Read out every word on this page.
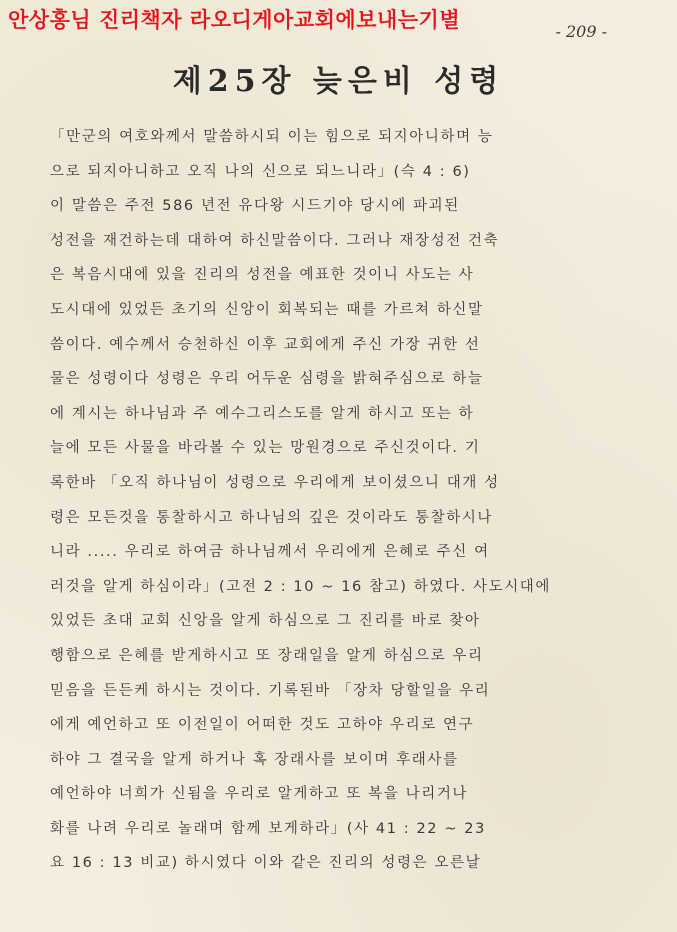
안상홍님 진리책자 라오디게아교회에보내는기별	- 209 -
제25장 늦은비 성령
「만군의 여호와께서 말씀하시되 이는 힘으로 되지아니하며 능
으로 되지아니하고 오직 나의 신으로 되느니라」(슥 4 : 6)
이 말씀은 주전 586 년전 유다왕 시드기야 당시에 파괴된
성전을 재건하는데 대하여 하신말씀이다. 그러나 재장성전 건축
은 복음시대에 있을 진리의 성전을 예표한 것이니 사도는 사
도시대에 있었든 초기의 신앙이 회복되는 때를 가르쳐 하신말
씀이다. 예수께서 승천하신 이후 교회에게 주신 가장 귀한 선
물은 성령이다 성령은 우리 어두운 심령을 밝혀주심으로 하늘
에 계시는 하나님과 주 예수그리스도를 알게 하시고 또는 하
늘에 모든 사물을 바라볼 수 있는 망원경으로 주신것이다. 기
록한바 「오직 하나님이 성령으로 우리에게 보이셨으니 대개 성
령은 모든것을 통찰하시고 하나님의 깊은 것이라도 통찰하시나
니라 ..... 우리로 하여금 하나님께서 우리에게 은혜로 주신 여
러것을 알게 하심이라」(고전 2 : 10 ~ 16 참고) 하였다. 사도시대에
있었든 초대 교회 신앙을 알게 하심으로 그 진리를 바로 찾아
행함으로 은혜를 받게하시고 또 장래일을 알게 하심으로 우리
믿음을 든든케 하시는 것이다. 기록된바 「장차 당할일을 우리
에게 예언하고 또 이전일이 어떠한 것도 고하야 우리로 연구
하야 그 결국을 알게 하거나 혹 장래사를 보이며 후래사를
예언하야 너희가 신됨을 우리로 알게하고 또 복을 나리거나
화를 나려 우리로 놀래며 함께 보게하라」(사 41 : 22 ~ 23
요 16 : 13 비교) 하시였다 이와 같은 진리의 성령은 오른날
